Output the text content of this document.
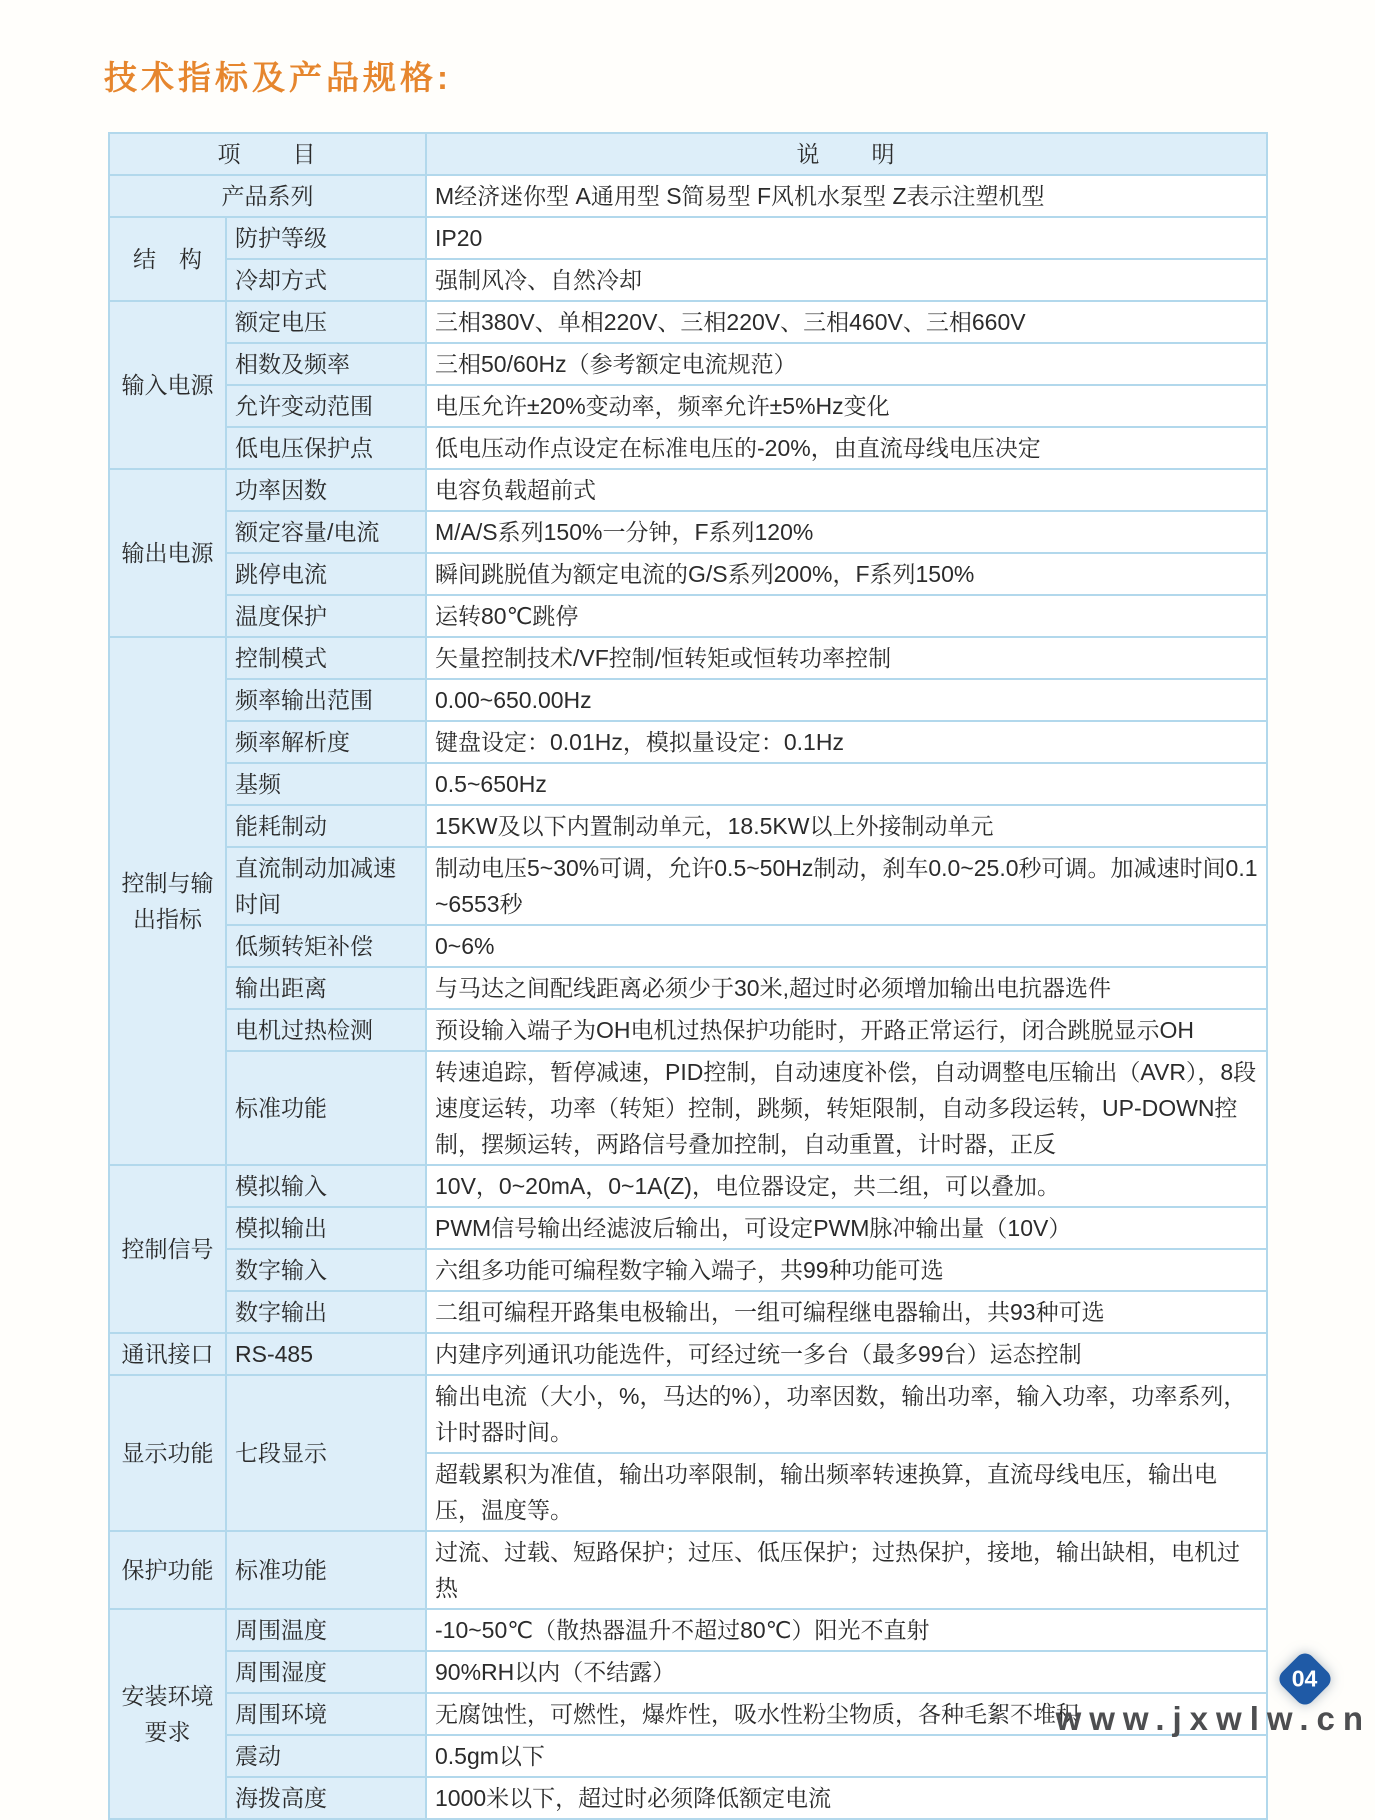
技术指标及产品规格:
项　　目		说　　明
产品系列		M经济迷你型 A通用型 S简易型 F风机水泵型 Z表示注塑机型
结　构	防护等级	IP20
	冷却方式	强制风冷、自然冷却
输入电源	额定电压	三相380V、单相220V、三相220V、三相460V、三相660V
	相数及频率	三相50/60Hz（参考额定电流规范）
	允许变动范围	电压允许±20%变动率，频率允许±5%Hz变化
	低电压保护点	低电压动作点设定在标准电压的-20%，由直流母线电压决定
输出电源	功率因数	电容负载超前式
	额定容量/电流	M/A/S系列150%一分钟，F系列120%
	跳停电流	瞬间跳脱值为额定电流的G/S系列200%，F系列150%
	温度保护	运转80℃跳停
控制与输出指标	控制模式	矢量控制技术/VF控制/恒转矩或恒转功率控制
	频率输出范围	0.00~650.00Hz
	频率解析度	键盘设定：0.01Hz，模拟量设定：0.1Hz
	基频	0.5~650Hz
	能耗制动	15KW及以下内置制动单元，18.5KW以上外接制动单元
	直流制动加减速时间	制动电压5~30%可调，允许0.5~50Hz制动，刹车0.0~25.0秒可调。加减速时间0.1~6553秒
	低频转矩补偿	0~6%
	输出距离	与马达之间配线距离必须少于30米,超过时必须增加输出电抗器选件
	电机过热检测	预设输入端子为OH电机过热保护功能时，开路正常运行，闭合跳脱显示OH
	标准功能	转速追踪，暂停减速，PID控制，自动速度补偿，自动调整电压输出（AVR），8段速度运转，功率（转矩）控制，跳频，转矩限制，自动多段运转，UP-DOWN控制，摆频运转，两路信号叠加控制，自动重置，计时器，正反
控制信号	模拟输入	10V，0~20mA，0~1A(Z)，电位器设定，共二组，可以叠加。
	模拟输出	PWM信号输出经滤波后输出，可设定PWM脉冲输出量（10V）
	数字输入	六组多功能可编程数字输入端子，共99种功能可选
	数字输出	二组可编程开路集电极输出，一组可编程继电器输出，共93种可选
通讯接口	RS-485	内建序列通讯功能选件，可经过统一多台（最多99台）运态控制
显示功能	七段显示	输出电流（大小，%，马达的%），功率因数，输出功率，输入功率，功率系列，计时器时间。
		超载累积为准值，输出功率限制，输出频率转速换算，直流母线电压，输出电压，温度等。
保护功能	标准功能	过流、过载、短路保护；过压、低压保护；过热保护，接地，输出缺相，电机过热
安装环境要求	周围温度	-10~50℃（散热器温升不超过80℃）阳光不直射
	周围湿度	90%RH以内（不结露）
	周围环境	无腐蚀性，可燃性，爆炸性，吸水性粉尘物质，各种毛絮不堆积
	震动	0.5gm以下
	海拨高度	1000米以下，超过时必须降低额定电流
04
www.jxwlw.cn
